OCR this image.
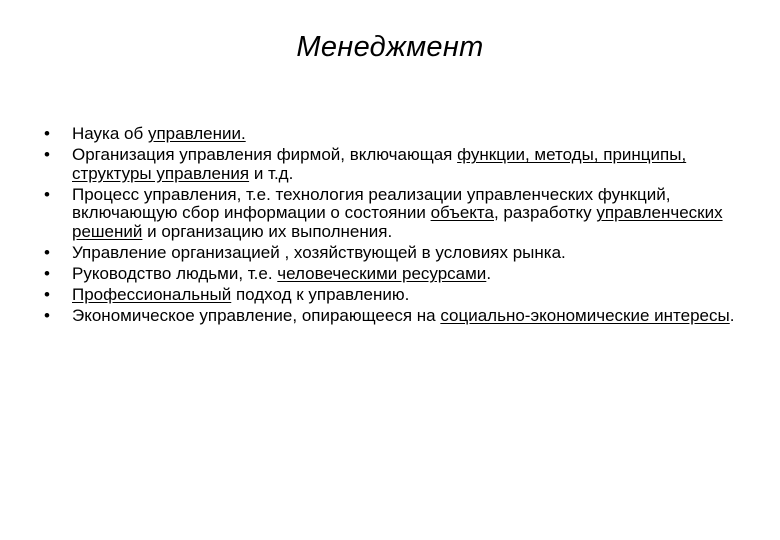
Менеджмент
•	Наука об управлении.
•	Организация управления фирмой, включающая функции, методы, принципы, структуры управления и т.д.
•	Процесс управления, т.е. технология реализации управленческих функций, включающую сбор информации о состоянии объекта, разработку управленческих решений и организацию их выполнения.
•	Управление организацией , хозяйствующей в условиях рынка.
•	Руководство людьми, т.е. человеческими ресурсами.
•	Профессиональный подход к управлению.
•	Экономическое управление, опирающееся на социально-экономические интересы.
